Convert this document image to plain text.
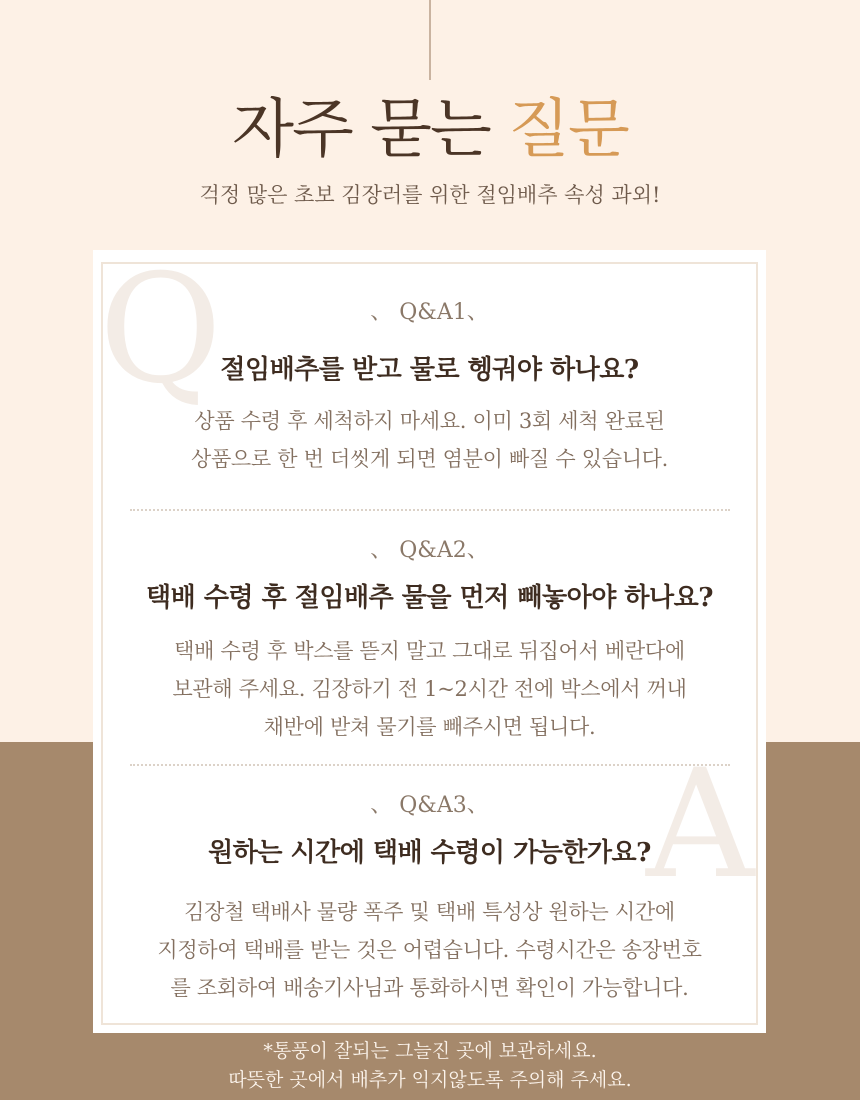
자주 묻는 질문
걱정 많은 초보 김장러를 위한 절임배추 속성 과외!
Q
A
、 Q&A1、
절임배추를 받고 물로 헹궈야 하나요?
상품 수령 후 세척하지 마세요. 이미 3회 세척 완료된
상품으로 한 번 더씻게 되면 염분이 빠질 수 있습니다.
、 Q&A2、
택배 수령 후 절임배추 물을 먼저 빼놓아야 하나요?
택배 수령 후 박스를 뜯지 말고 그대로 뒤집어서 베란다에
보관해 주세요. 김장하기 전 1~2시간 전에 박스에서 꺼내
채반에 받쳐 물기를 빼주시면 됩니다.
、 Q&A3、
원하는 시간에 택배 수령이 가능한가요?
김장철 택배사 물량 폭주 및 택배 특성상 원하는 시간에
지정하여 택배를 받는 것은 어렵습니다. 수령시간은 송장번호
를 조회하여 배송기사님과 통화하시면 확인이 가능합니다.
*통풍이 잘되는 그늘진 곳에 보관하세요.
따뜻한 곳에서 배추가 익지않도록 주의해 주세요.
